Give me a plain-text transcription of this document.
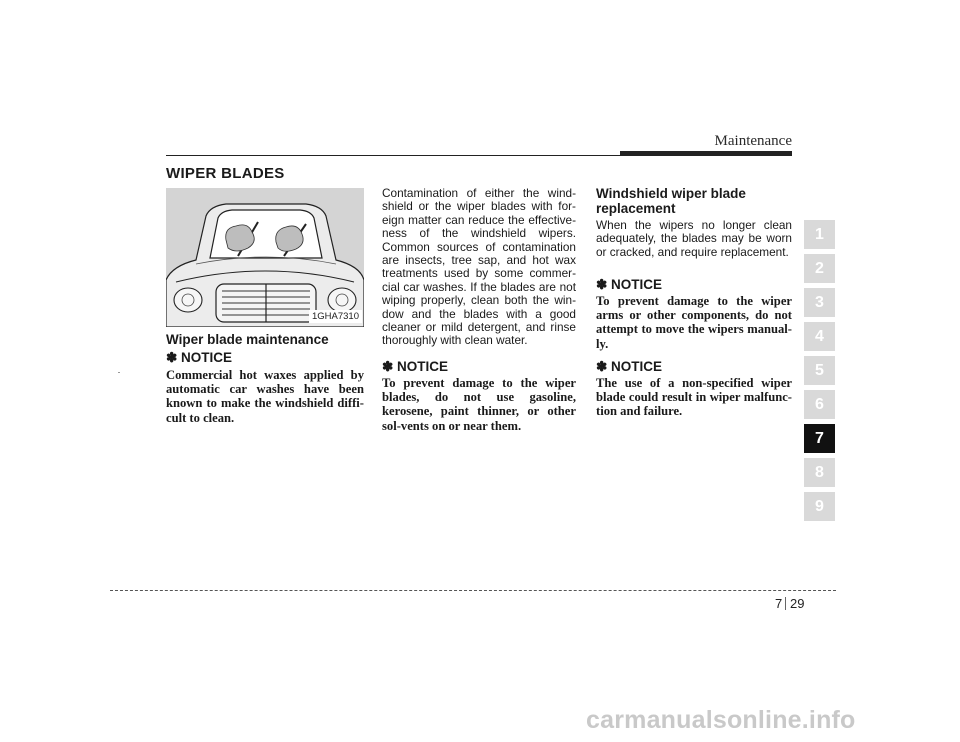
Maintenance
WIPER BLADES
1GHA7310
Wiper blade maintenance
✽ NOTICE
Commercial hot waxes applied by automatic car washes have been known to make the windshield diffi-cult to clean.
Contamination of either the wind-shield or the wiper blades with for-eign matter can reduce the effective-ness of the windshield wipers. Common sources of contamination are insects, tree sap, and hot wax treatments used by some commer-cial car washes. If the blades are not wiping properly, clean both the win-dow and the blades with a good cleaner or mild detergent, and rinse thoroughly with clean water.
✽ NOTICE
To prevent damage to the wiper blades, do not use gasoline, kerosene, paint thinner, or other sol-vents on or near them.
Windshield wiper blade replacement
When the wipers no longer clean adequately, the blades may be worn or cracked, and require replacement.
✽ NOTICE
To prevent damage to the wiper arms or other components, do not attempt to move the wipers manual-ly.
✽ NOTICE
The use of a non-specified wiper blade could result in wiper malfunc-tion and failure.
1
2
3
4
5
6
7
8
9
7 29
carmanualsonline.info
